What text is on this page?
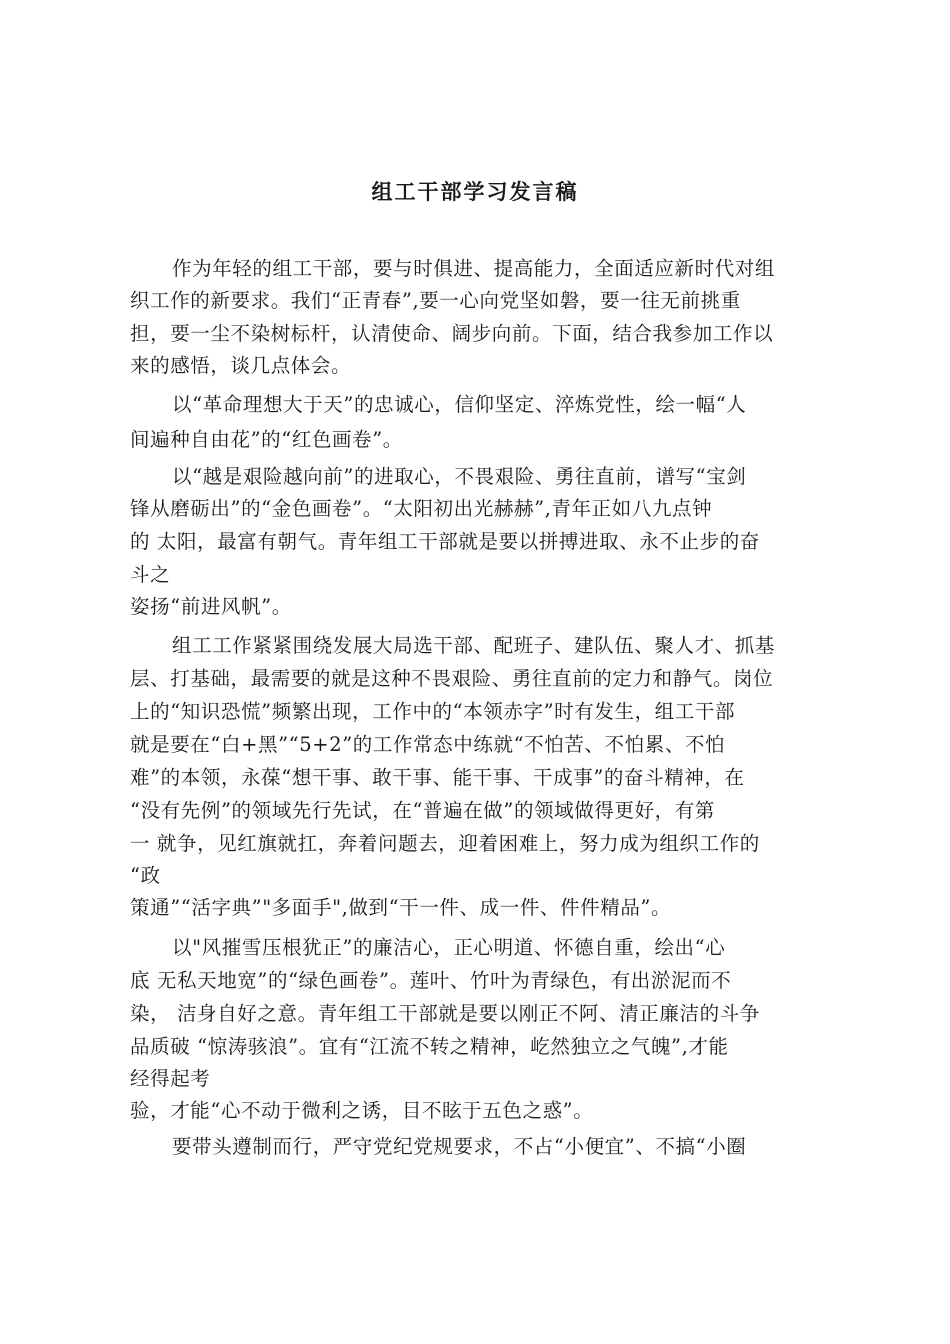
组工干部学习发言稿
作为年轻的组工干部，要与时俱进、提高能力，全面适应新时代对组
织工作的新要求。我们“正青春”,要一心向党坚如磐，要一往无前挑重
担，要一尘不染树标杆，认清使命、阔步向前。下面，结合我参加工作以
来的感悟，谈几点体会。
以“革命理想大于天”的忠诚心，信仰坚定、淬炼党性，绘一幅“人
间遍种自由花”的“红色画卷”。
以“越是艰险越向前”的进取心，不畏艰险、勇往直前，谱写“宝剑
锋从磨砺出”的“金色画卷”。“太阳初出光赫赫”,青年正如八九点钟
的 太阳，最富有朝气。青年组工干部就是要以拼搏进取、永不止步的奋
斗之
姿扬“前进风帆”。
组工工作紧紧围绕发展大局选干部、配班子、建队伍、聚人才、抓基
层、打基础，最需要的就是这种不畏艰险、勇往直前的定力和静气。岗位
上的“知识恐慌”频繁出现，工作中的“本领赤字”时有发生，组工干部
就是要在“白+黑”“5+2”的工作常态中练就“不怕苦、不怕累、不怕
难”的本领，永葆“想干事、敢干事、能干事、干成事”的奋斗精神，在
“没有先例”的领域先行先试，在“普遍在做”的领域做得更好，有第
一 就争，见红旗就扛，奔着问题去，迎着困难上，努力成为组织工作的
“政
策通”“活字典”"多面手",做到“干一件、成一件、件件精品”。
以"风摧雪压根犹正”的廉洁心，正心明道、怀德自重，绘出“心
底 无私天地宽”的“绿色画卷”。莲叶、竹叶为青绿色，有出淤泥而不
染， 洁身自好之意。青年组工干部就是要以刚正不阿、清正廉洁的斗争
品质破 “惊涛骇浪”。宜有“江流不转之精神，屹然独立之气魄”,才能
经得起考
验，才能“心不动于微利之诱，目不眩于五色之惑”。
要带头遵制而行，严守党纪党规要求，不占“小便宜”、不搞“小圈
